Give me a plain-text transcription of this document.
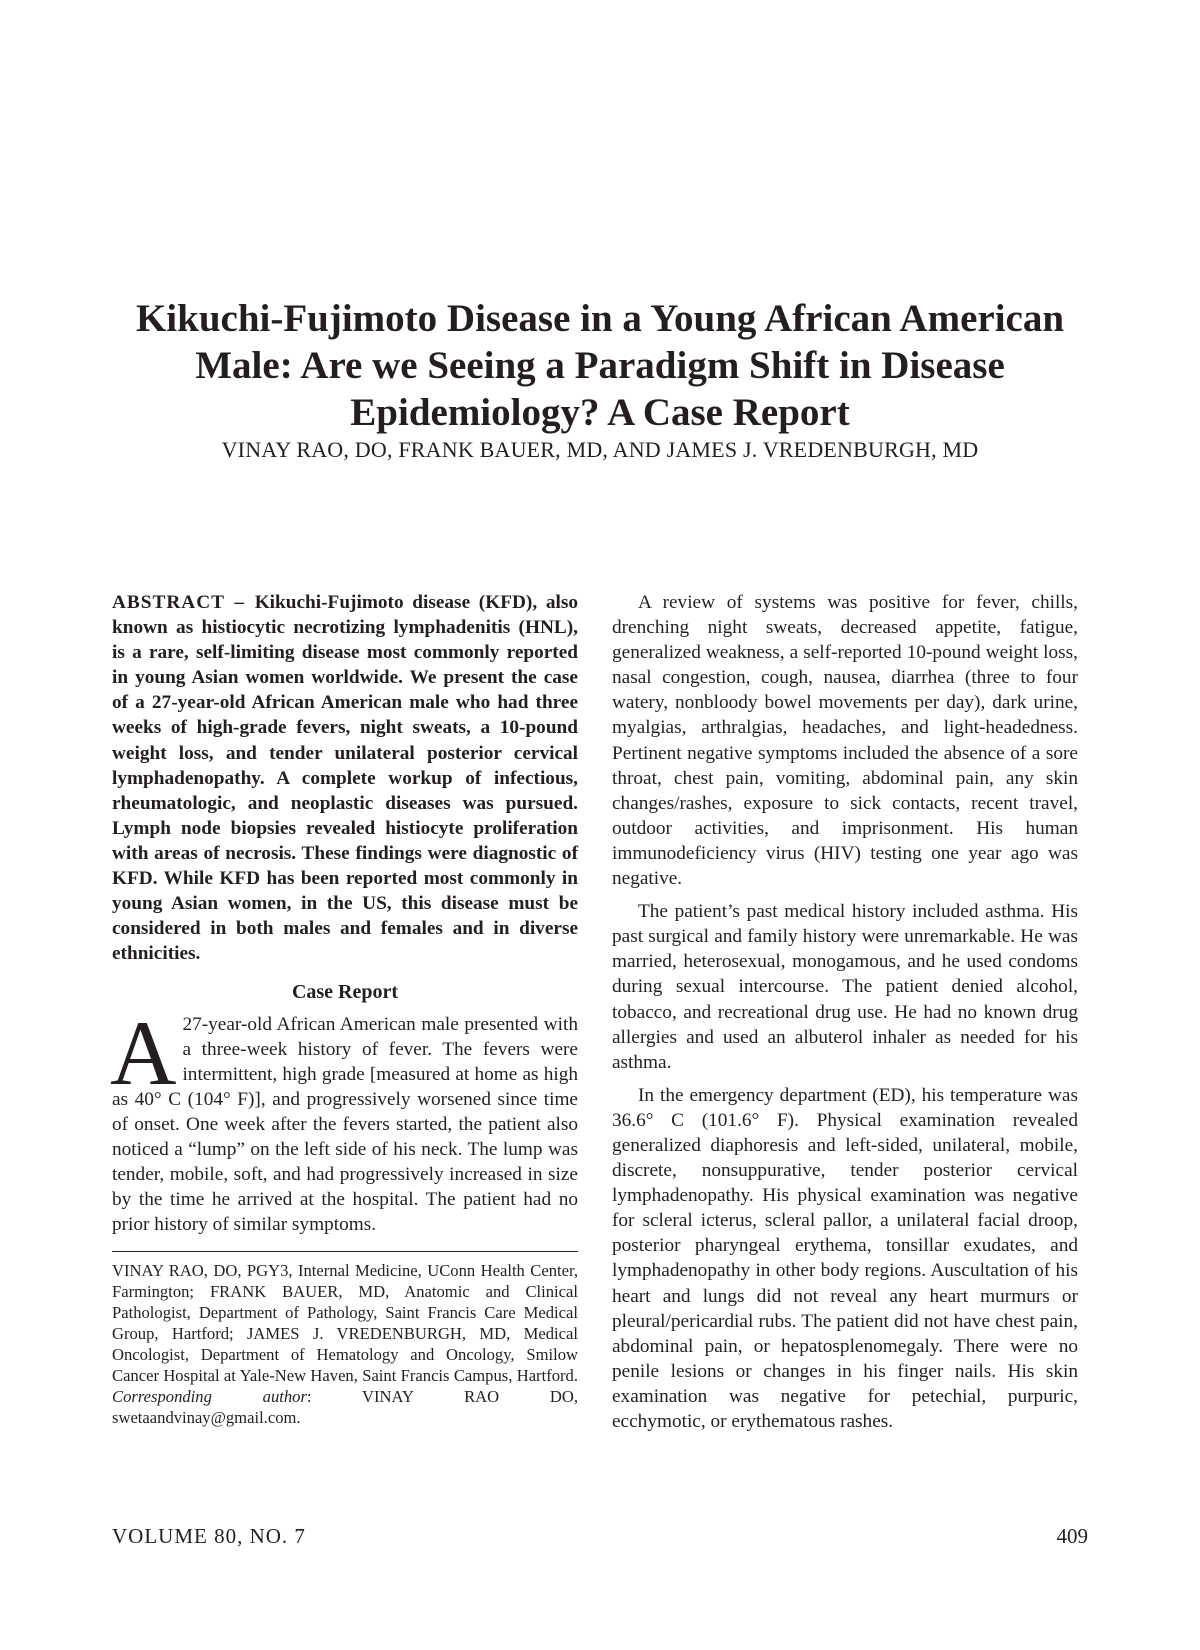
Kikuchi-Fujimoto Disease in a Young African American Male: Are we Seeing a Paradigm Shift in Disease Epidemiology? A Case Report
VINAY RAO, DO, FRANK BAUER, MD, AND JAMES J. VREDENBURGH, MD

ABSTRACT – Kikuchi-Fujimoto disease (KFD), also known as histiocytic necrotizing lymphadenitis (HNL), is a rare, self-limiting disease most commonly reported in young Asian women worldwide. We present the case of a 27-year-old African American male who had three weeks of high-grade fevers, night sweats, a 10-pound weight loss, and tender unilateral posterior cervical lymphadenopathy. A complete workup of infectious, rheumatologic, and neoplastic diseases was pursued. Lymph node biopsies revealed histiocyte proliferation with areas of necrosis. These findings were diagnostic of KFD. While KFD has been reported most commonly in young Asian women, in the US, this disease must be considered in both males and females and in diverse ethnicities.

Case Report

A 27-year-old African American male presented with a three-week history of fever. The fevers were intermittent, high grade [measured at home as high as 40° C (104° F)], and progressively worsened since time of onset. One week after the fevers started, the patient also noticed a “lump” on the left side of his neck. The lump was tender, mobile, soft, and had progressively increased in size by the time he arrived at the hospital. The patient had no prior history of similar symptoms.

VINAY RAO, DO, PGY3, Internal Medicine, UConn Health Center, Farmington; FRANK BAUER, MD, Anatomic and Clinical Pathologist, Department of Pathology, Saint Francis Care Medical Group, Hartford; JAMES J. VREDENBURGH, MD, Medical Oncologist, Department of Hematology and Oncology, Smilow Cancer Hospital at Yale-New Haven, Saint Francis Campus, Hartford. Corresponding author: VINAY RAO DO, swetaandvinay@gmail.com.

A review of systems was positive for fever, chills, drenching night sweats, decreased appetite, fatigue, generalized weakness, a self-reported 10-pound weight loss, nasal congestion, cough, nausea, diarrhea (three to four watery, nonbloody bowel movements per day), dark urine, myalgias, arthralgias, headaches, and light-headedness. Pertinent negative symptoms included the absence of a sore throat, chest pain, vomiting, abdominal pain, any skin changes/rashes, exposure to sick contacts, recent travel, outdoor activities, and imprisonment. His human immunodeficiency virus (HIV) testing one year ago was negative.

The patient’s past medical history included asthma. His past surgical and family history were unremarkable. He was married, heterosexual, monogamous, and he used condoms during sexual intercourse. The patient denied alcohol, tobacco, and recreational drug use. He had no known drug allergies and used an albuterol inhaler as needed for his asthma.

In the emergency department (ED), his temperature was 36.6° C (101.6° F). Physical examination revealed generalized diaphoresis and left-sided, unilateral, mobile, discrete, nonsuppurative, tender posterior cervical lymphadenopathy. His physical examination was negative for scleral icterus, scleral pallor, a unilateral facial droop, posterior pharyngeal erythema, tonsillar exudates, and lymphadenopathy in other body regions. Auscultation of his heart and lungs did not reveal any heart murmurs or pleural/pericardial rubs. The patient did not have chest pain, abdominal pain, or hepatosplenomegaly. There were no penile lesions or changes in his finger nails. His skin examination was negative for petechial, purpuric, ecchymotic, or erythematous rashes.

VOLUME 80, NO. 7	409
